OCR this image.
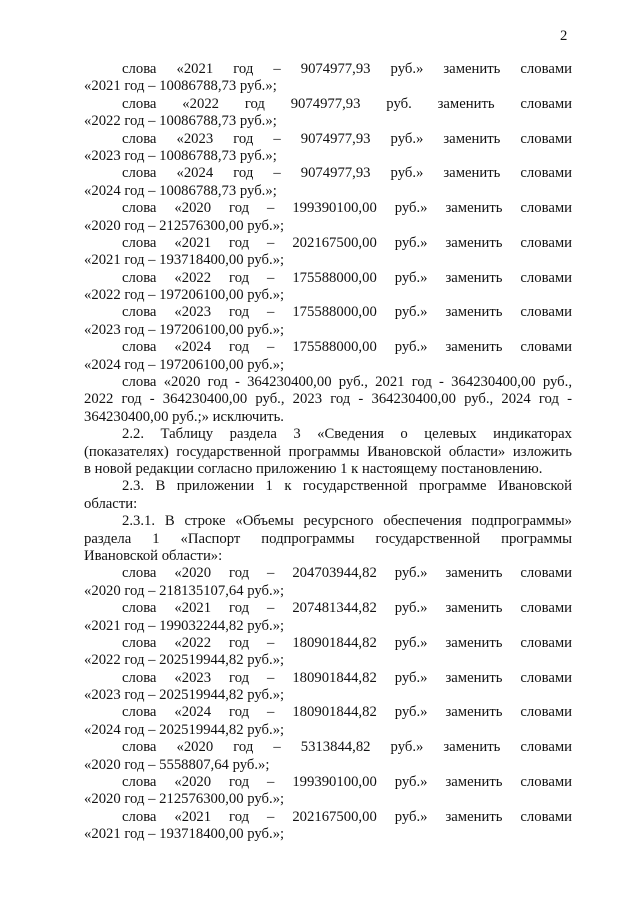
2
слова «2021 год – 9074977,93 руб.» заменить словами
«2021 год – 10086788,73 руб.»;
слова «2022 год 9074977,93 руб. заменить словами
«2022 год – 10086788,73 руб.»;
слова «2023 год – 9074977,93 руб.» заменить словами
«2023 год – 10086788,73 руб.»;
слова «2024 год – 9074977,93 руб.» заменить словами
«2024 год – 10086788,73 руб.»;
слова «2020 год – 199390100,00 руб.» заменить словами
«2020 год – 212576300,00 руб.»;
слова «2021 год – 202167500,00 руб.» заменить словами
«2021 год – 193718400,00 руб.»;
слова «2022 год – 175588000,00 руб.» заменить словами
«2022 год – 197206100,00 руб.»;
слова «2023 год – 175588000,00 руб.» заменить словами
«2023 год – 197206100,00 руб.»;
слова «2024 год – 175588000,00 руб.» заменить словами
«2024 год – 197206100,00 руб.»;
слова «2020 год - 364230400,00 руб., 2021 год - 364230400,00 руб.,
2022 год - 364230400,00 руб., 2023 год - 364230400,00 руб., 2024 год -
364230400,00 руб.;» исключить.
2.2. Таблицу раздела 3 «Сведения о целевых индикаторах
(показателях) государственной программы Ивановской области» изложить
в новой редакции согласно приложению 1 к настоящему постановлению.
2.3. В приложении 1 к государственной программе Ивановской
области:
2.3.1. В строке «Объемы ресурсного обеспечения подпрограммы»
раздела 1 «Паспорт подпрограммы государственной программы
Ивановской области»:
слова «2020 год – 204703944,82 руб.» заменить словами
«2020 год – 218135107,64 руб.»;
слова «2021 год – 207481344,82 руб.» заменить словами
«2021 год – 199032244,82 руб.»;
слова «2022 год – 180901844,82 руб.» заменить словами
«2022 год – 202519944,82 руб.»;
слова «2023 год – 180901844,82 руб.» заменить словами
«2023 год – 202519944,82 руб.»;
слова «2024 год – 180901844,82 руб.» заменить словами
«2024 год – 202519944,82 руб.»;
слова «2020 год – 5313844,82 руб.» заменить словами
«2020 год – 5558807,64 руб.»;
слова «2020 год – 199390100,00 руб.» заменить словами
«2020 год – 212576300,00 руб.»;
слова «2021 год – 202167500,00 руб.» заменить словами
«2021 год – 193718400,00 руб.»;
